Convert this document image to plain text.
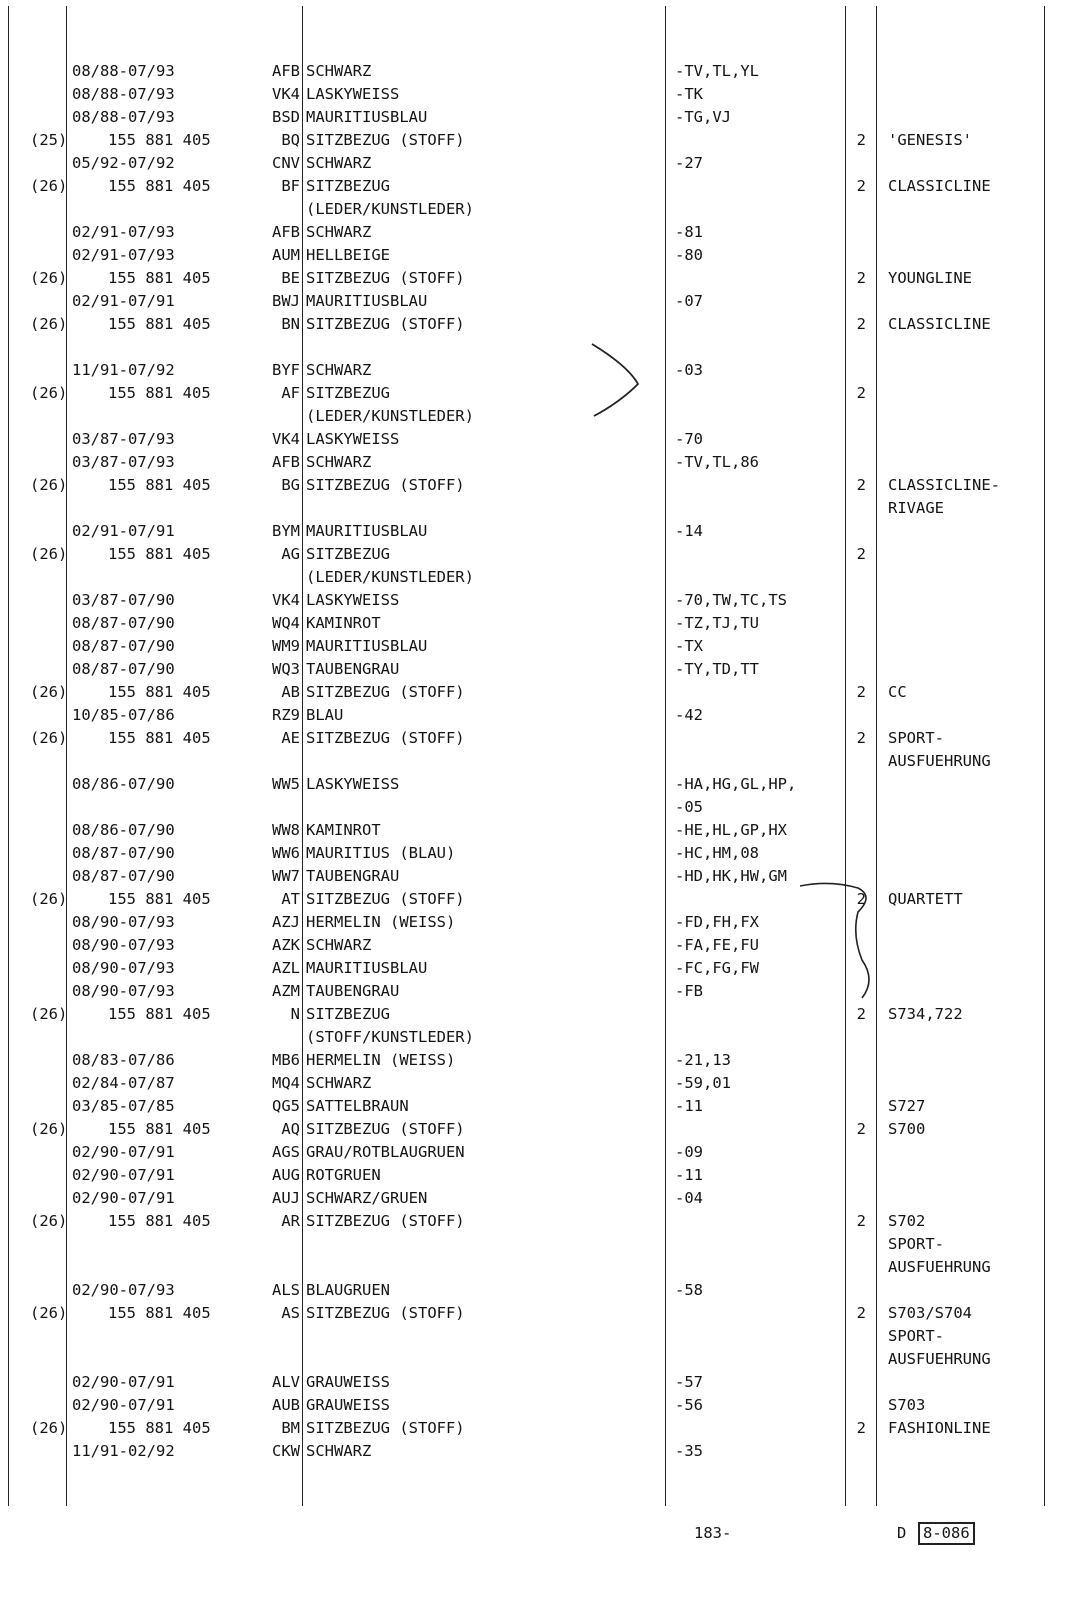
08/88-07/93	AFB SCHWARZ	-TV,TL,YL
08/88-07/93	VK4 LASKYWEISS	-TK
08/88-07/93	BSD MAURITIUSBLAU	-TG,VJ
(25)	155 881 405	BQ SITZBEZUG (STOFF)	2 'GENESIS'
05/92-07/92	CNV SCHWARZ	-27
(26)	155 881 405	BF SITZBEZUG	2 CLASSICLINE
(LEDER/KUNSTLEDER)
02/91-07/93	AFB SCHWARZ	-81
02/91-07/93	AUM HELLBEIGE	-80
(26)	155 881 405	BE SITZBEZUG (STOFF)	2 YOUNGLINE
02/91-07/91	BWJ MAURITIUSBLAU	-07
(26)	155 881 405	BN SITZBEZUG (STOFF)	2 CLASSICLINE
11/91-07/92	BYF SCHWARZ	-03
(26)	155 881 405	AF SITZBEZUG	2
(LEDER/KUNSTLEDER)
03/87-07/93	VK4 LASKYWEISS	-70
03/87-07/93	AFB SCHWARZ	-TV,TL,86
(26)	155 881 405	BG SITZBEZUG (STOFF)	2 CLASSICLINE-
RIVAGE
02/91-07/91	BYM MAURITIUSBLAU	-14
(26)	155 881 405	AG SITZBEZUG	2
(LEDER/KUNSTLEDER)
03/87-07/90	VK4 LASKYWEISS	-70,TW,TC,TS
08/87-07/90	WQ4 KAMINROT	-TZ,TJ,TU
08/87-07/90	WM9 MAURITIUSBLAU	-TX
08/87-07/90	WQ3 TAUBENGRAU	-TY,TD,TT
(26)	155 881 405	AB SITZBEZUG (STOFF)	2 CC
10/85-07/86	RZ9 BLAU	-42
(26)	155 881 405	AE SITZBEZUG (STOFF)	2 SPORT-
AUSFUEHRUNG
08/86-07/90	WW5 LASKYWEISS	-HA,HG,GL,HP,
-05
08/86-07/90	WW8 KAMINROT	-HE,HL,GP,HX
08/87-07/90	WW6 MAURITIUS (BLAU)	-HC,HM,08
08/87-07/90	WW7 TAUBENGRAU	-HD,HK,HW,GM
(26)	155 881 405	AT SITZBEZUG (STOFF)	2 QUARTETT
08/90-07/93	AZJ HERMELIN (WEISS)	-FD,FH,FX
08/90-07/93	AZK SCHWARZ	-FA,FE,FU
08/90-07/93	AZL MAURITIUSBLAU	-FC,FG,FW
08/90-07/93	AZM TAUBENGRAU	-FB
(26)	155 881 405	N SITZBEZUG	2 S734,722
(STOFF/KUNSTLEDER)
08/83-07/86	MB6 HERMELIN (WEISS)	-21,13
02/84-07/87	MQ4 SCHWARZ	-59,01
03/85-07/85	QG5 SATTELBRAUN	-11	S727
(26)	155 881 405	AQ SITZBEZUG (STOFF)	2 S700
02/90-07/91	AGS GRAU/ROTBLAUGRUEN	-09
02/90-07/91	AUG ROTGRUEN	-11
02/90-07/91	AUJ SCHWARZ/GRUEN	-04
(26)	155 881 405	AR SITZBEZUG (STOFF)	2 S702
SPORT-
AUSFUEHRUNG
02/90-07/93	ALS BLAUGRUEN	-58
(26)	155 881 405	AS SITZBEZUG (STOFF)	2 S703/S704
SPORT-
AUSFUEHRUNG
02/90-07/91	ALV GRAUWEISS	-57
02/90-07/91	AUB GRAUWEISS	-56	S703
(26)	155 881 405	BM SITZBEZUG (STOFF)	2 FASHIONLINE
11/91-02/92	CKW SCHWARZ	-35
183-	D	8-086
